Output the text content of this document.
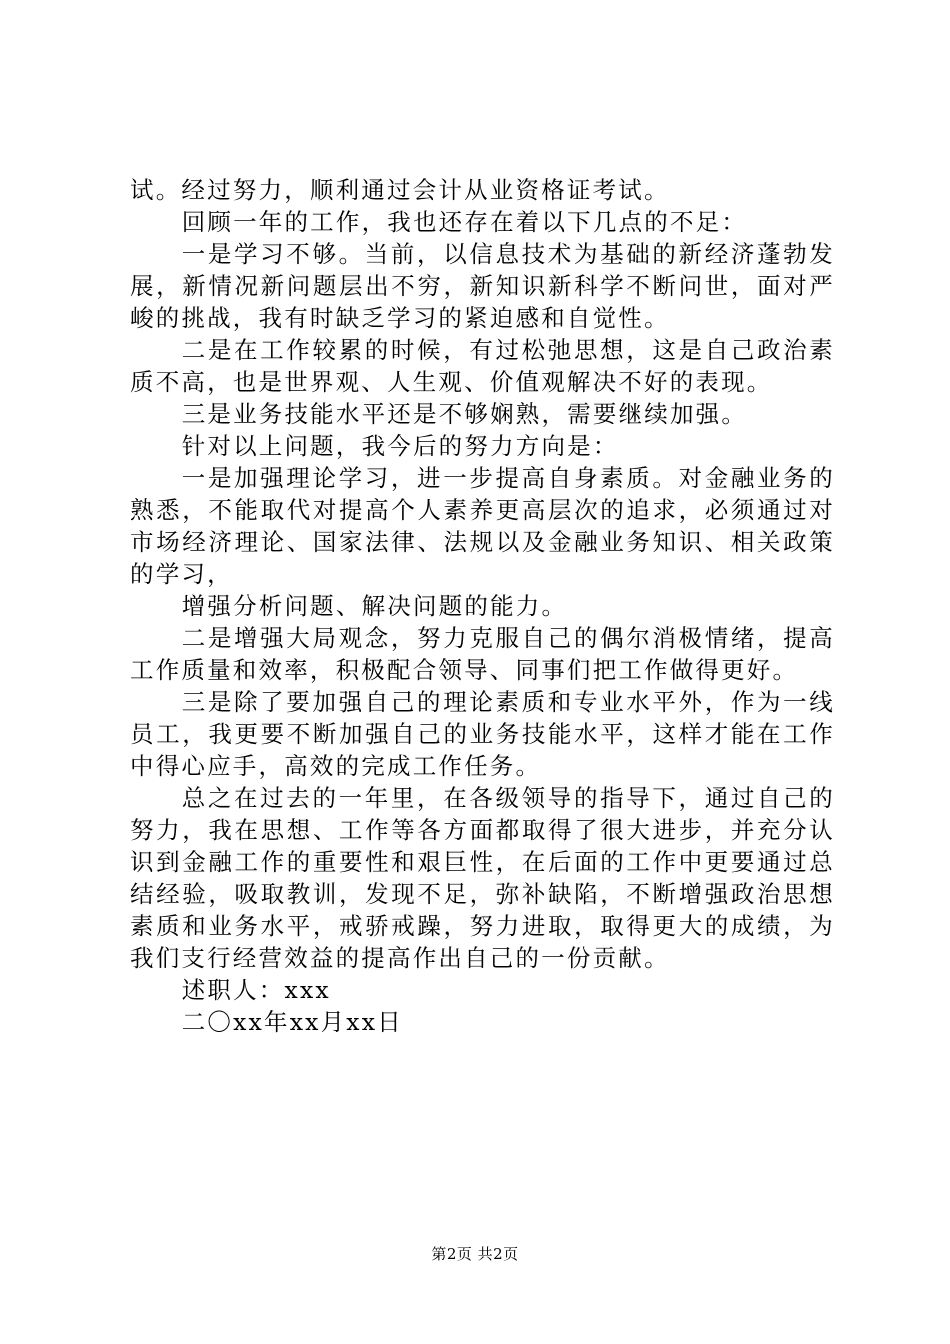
试。经过努力，顺利通过会计从业资格证考试。

回顾一年的工作，我也还存在着以下几点的不足：

一是学习不够。当前，以信息技术为基础的新经济蓬勃发展，新情况新问题层出不穷，新知识新科学不断问世，面对严峻的挑战，我有时缺乏学习的紧迫感和自觉性。

二是在工作较累的时候，有过松弛思想，这是自己政治素质不高，也是世界观、人生观、价值观解决不好的表现。

三是业务技能水平还是不够娴熟，需要继续加强。

针对以上问题，我今后的努力方向是：

一是加强理论学习，进一步提高自身素质。对金融业务的熟悉，不能取代对提高个人素养更高层次的追求，必须通过对市场经济理论、国家法律、法规以及金融业务知识、相关政策的学习，

增强分析问题、解决问题的能力。

二是增强大局观念，努力克服自己的偶尔消极情绪，提高工作质量和效率，积极配合领导、同事们把工作做得更好。

三是除了要加强自己的理论素质和专业水平外，作为一线员工，我更要不断加强自己的业务技能水平，这样才能在工作中得心应手，高效的完成工作任务。

总之在过去的一年里，在各级领导的指导下，通过自己的努力，我在思想、工作等各方面都取得了很大进步，并充分认识到金融工作的重要性和艰巨性，在后面的工作中更要通过总结经验，吸取教训，发现不足，弥补缺陷，不断增强政治思想素质和业务水平，戒骄戒躁，努力进取，取得更大的成绩，为我们支行经营效益的提高作出自己的一份贡献。

述职人：xxx

二〇xx年xx月xx日

第2页 共2页
